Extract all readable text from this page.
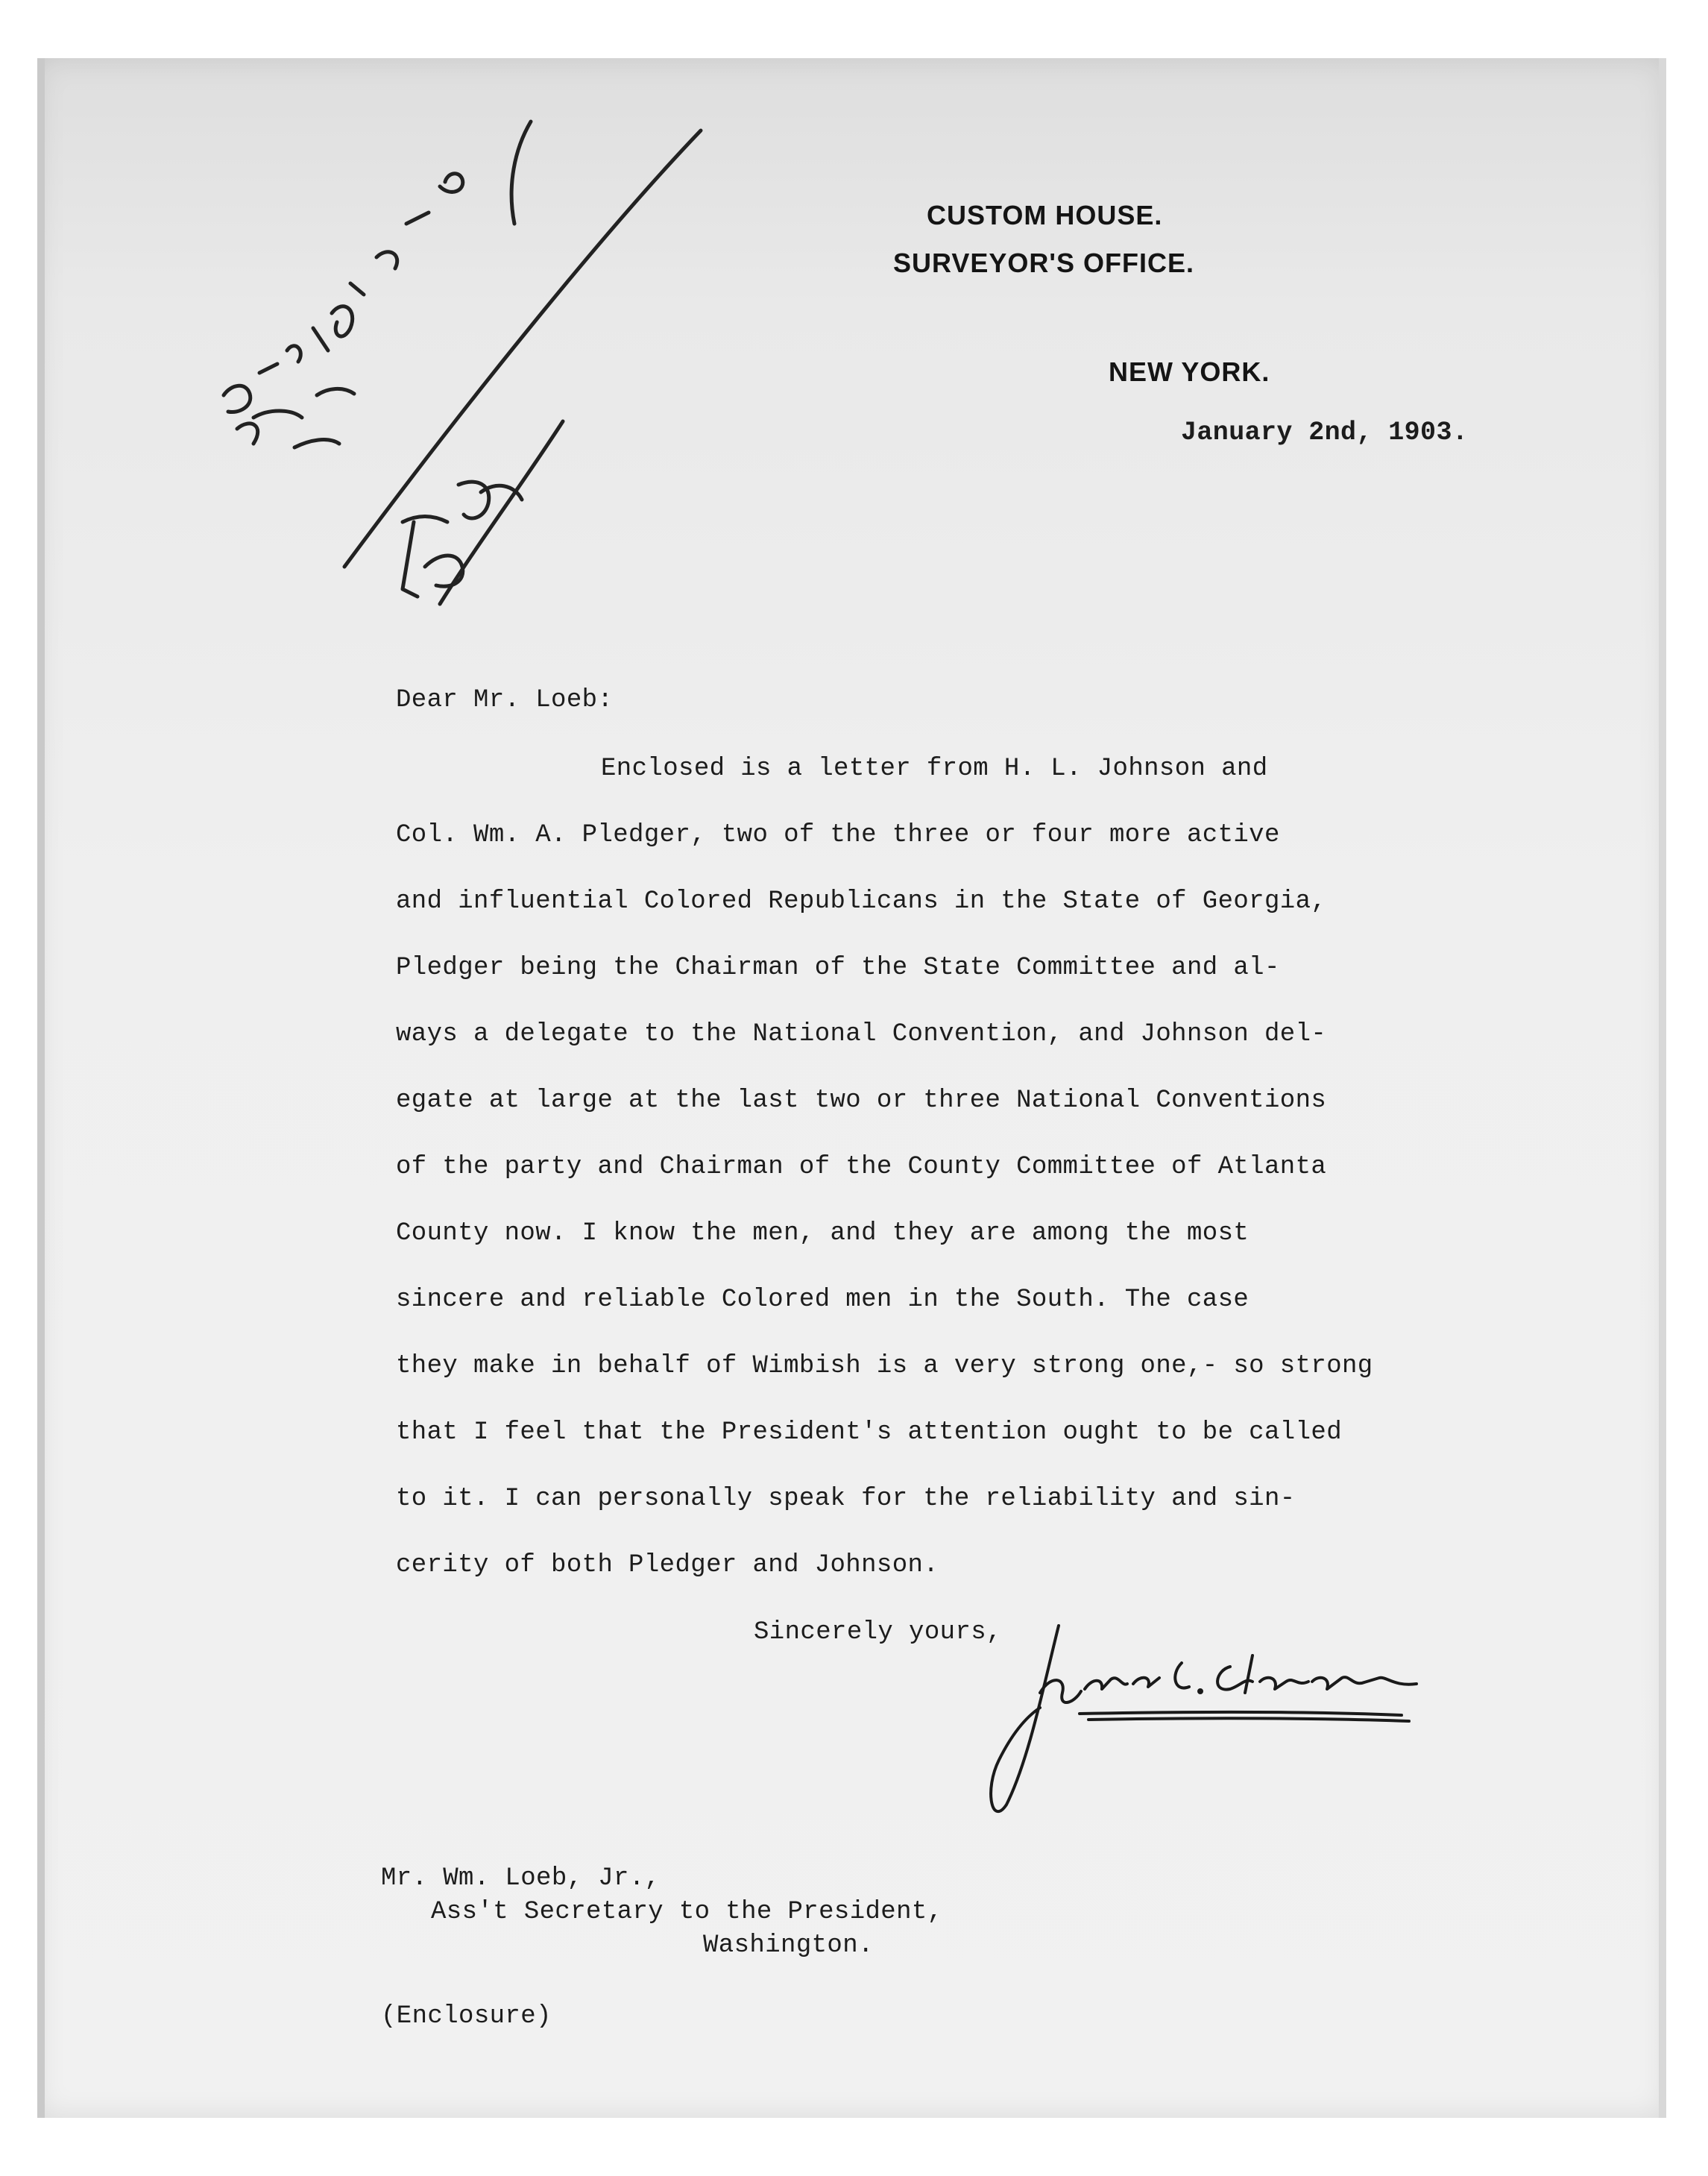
CUSTOM HOUSE.
SURVEYOR'S OFFICE.
NEW YORK.
January 2nd, 1903.
Dear Mr. Loeb:
Enclosed is a letter from H. L. Johnson and
Col. Wm. A. Pledger, two of the three or four more active
and influential Colored Republicans in the State of Georgia,
Pledger being the Chairman of the State Committee and al-
ways a delegate to the National Convention, and Johnson del-
egate at large at the last two or three National Conventions
of the party and Chairman of the County Committee of Atlanta
County now. I know the men, and they are among the most
sincere and reliable Colored men in the South. The case
they make in behalf of Wimbish is a very strong one,- so strong
that I feel that the President's attention ought to be called
to it. I can personally speak for the reliability and sin-
cerity of both Pledger and Johnson.
Sincerely yours,
Mr. Wm. Loeb, Jr.,
Ass't Secretary to the President,
Washington.
(Enclosure)
